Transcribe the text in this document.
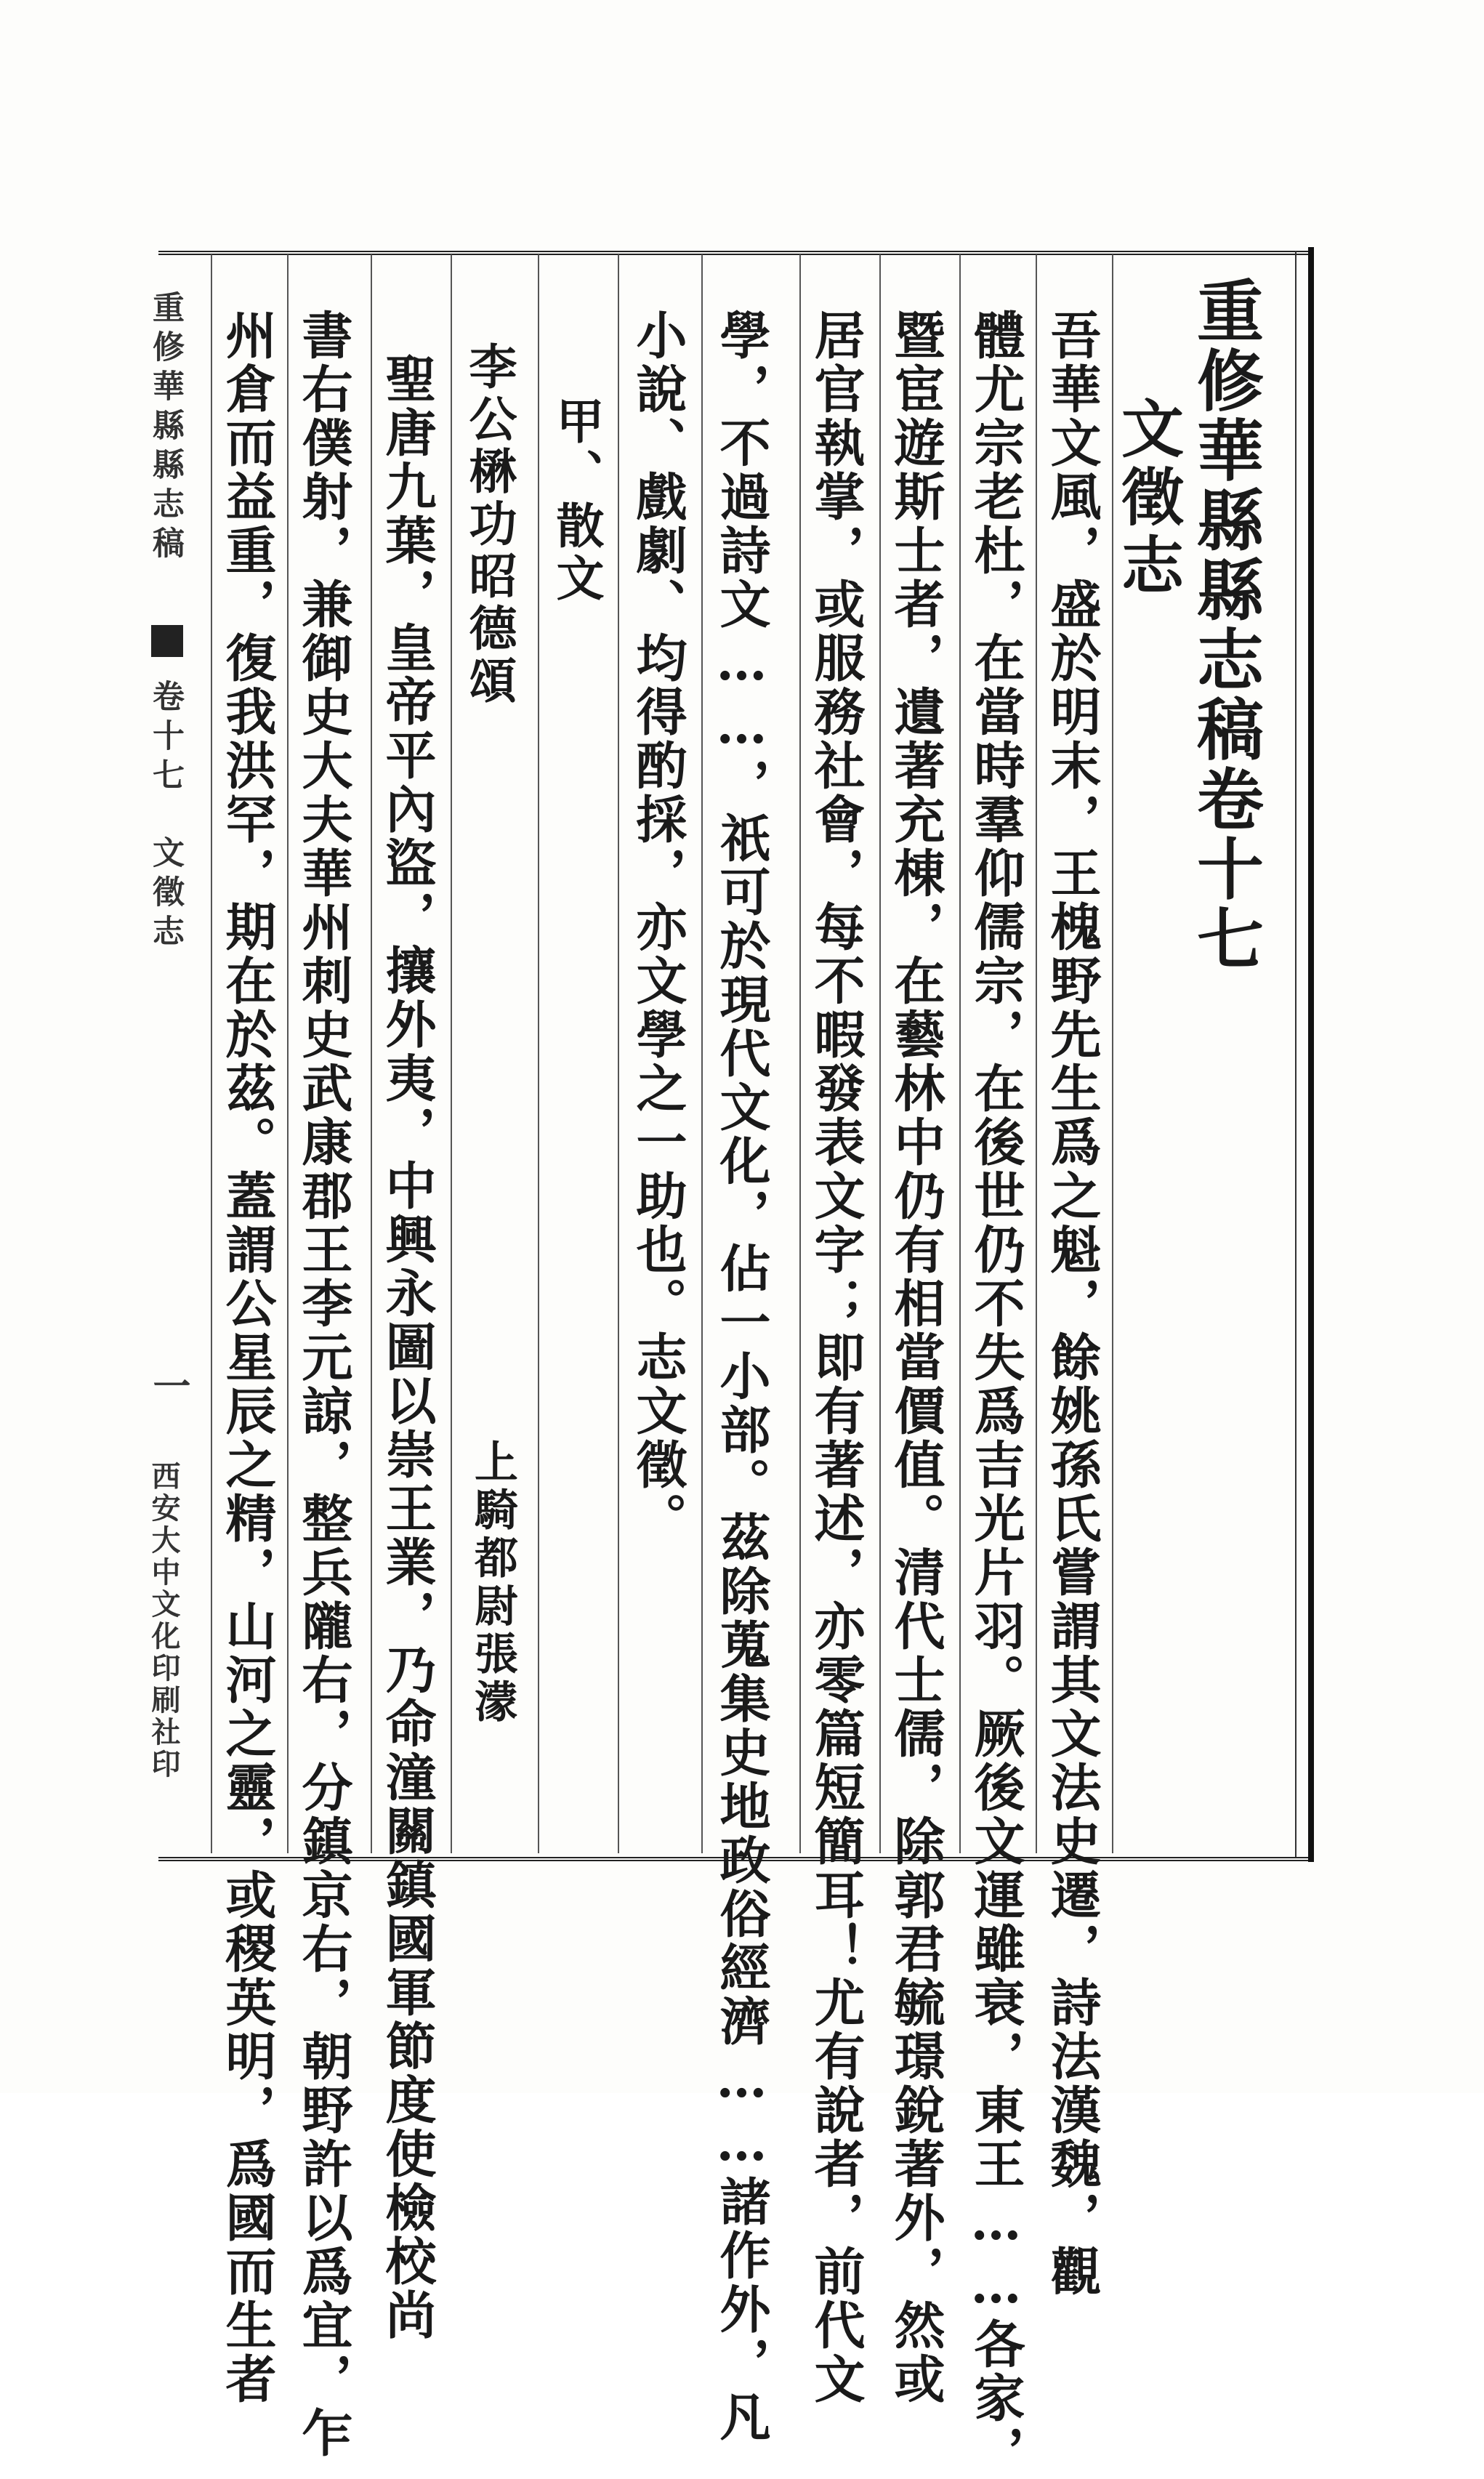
重修華縣縣志稿卷十七
文徵志
吾華文風，盛於明末，王槐野先生爲之魁，餘姚孫氏嘗謂其文法史遷，詩法漢魏，觀
體尤宗老杜，在當時羣仰儒宗，在後世仍不失爲吉光片羽。厥後文運雖衰，東王……各家，
暨宦遊斯士者，遺著充棟，在藝林中仍有相當價值。清代士儒，除郭君毓璟銳著外，然或
居官執掌，或服務社會，每不暇發表文字；即有著述，亦零篇短簡耳！尤有說者，前代文
學，不過詩文……，祇可於現代文化，佔一小部。茲除蒐集史地政俗經濟……諸作外，凡
小說、戲劇、均得酌採，亦文學之一助也。志文徵。
甲、散文
李公楙功昭德頌
上騎都尉張濛
聖唐九葉，皇帝平內盜，攘外夷，中興永圖以崇王業，乃命潼關鎮國軍節度使檢校尚
書右僕射，兼御史大夫華州刺史武康郡王李元諒，整兵隴右，分鎮京右，朝野許以爲宜，乍
州倉而益重，復我洪罕，期在於茲。蓋謂公星辰之精，山河之靈，或稷英明，爲國而生者
重修華縣縣志稿
卷十七
文徵志
一
西安大中文化印刷社印
